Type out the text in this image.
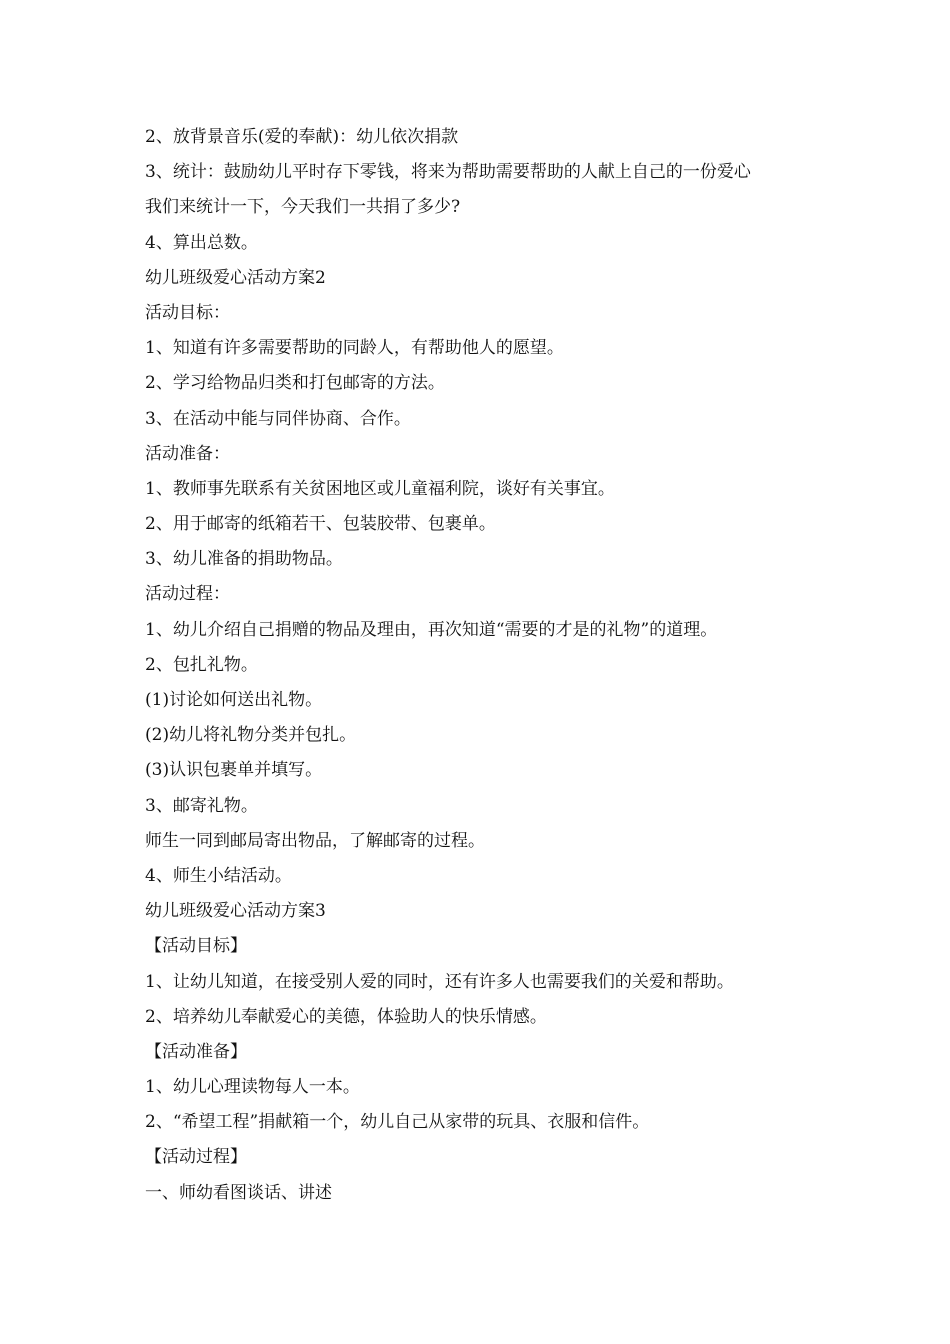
2、放背景音乐(爱的奉献)：幼儿依次捐款
3、统计：鼓励幼儿平时存下零钱，将来为帮助需要帮助的人献上自己的一份爱心
我们来统计一下，今天我们一共捐了多少?
4、算出总数。
幼儿班级爱心活动方案2
活动目标：
1、知道有许多需要帮助的同龄人，有帮助他人的愿望。
2、学习给物品归类和打包邮寄的方法。
3、在活动中能与同伴协商、合作。
活动准备：
1、教师事先联系有关贫困地区或儿童福利院，谈好有关事宜。
2、用于邮寄的纸箱若干、包装胶带、包裹单。
3、幼儿准备的捐助物品。
活动过程：
1、幼儿介绍自己捐赠的物品及理由，再次知道“需要的才是的礼物”的道理。
2、包扎礼物。
(1)讨论如何送出礼物。
(2)幼儿将礼物分类并包扎。
(3)认识包裹单并填写。
3、邮寄礼物。
师生一同到邮局寄出物品，了解邮寄的过程。
4、师生小结活动。
幼儿班级爱心活动方案3
【活动目标】
1、让幼儿知道，在接受别人爱的同时，还有许多人也需要我们的关爱和帮助。
2、培养幼儿奉献爱心的美德，体验助人的快乐情感。
【活动准备】
1、幼儿心理读物每人一本。
2、“希望工程”捐献箱一个，幼儿自己从家带的玩具、衣服和信件。
【活动过程】
一、师幼看图谈话、讲述
